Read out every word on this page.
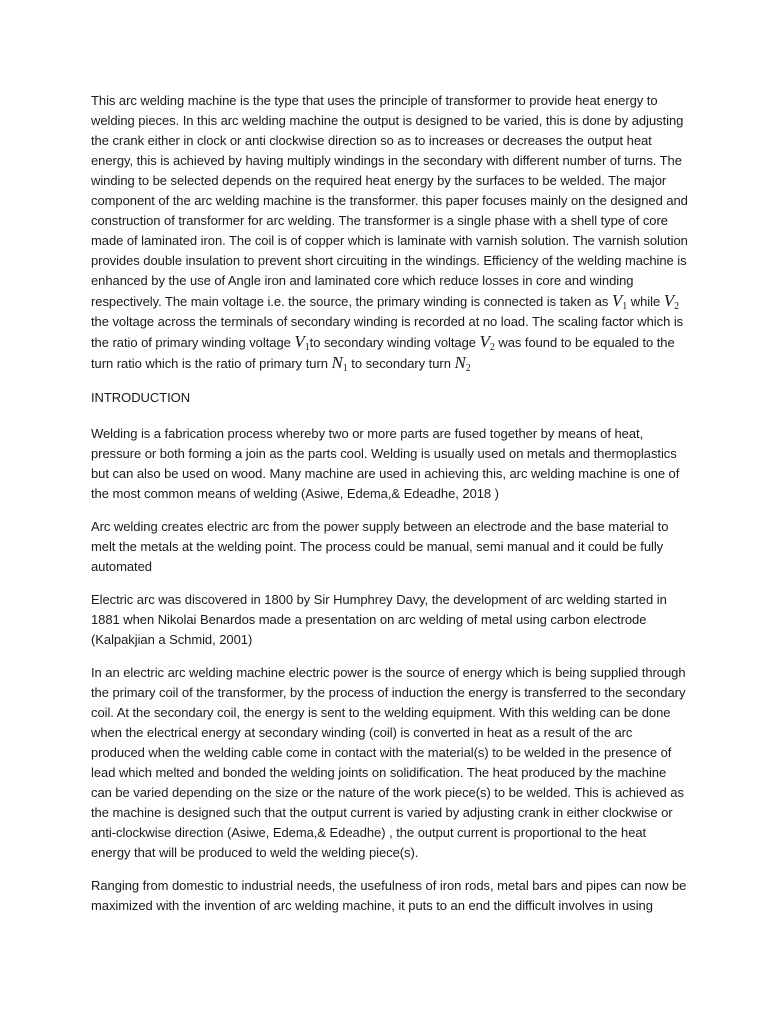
This arc welding machine is the type that uses the principle of transformer to provide heat energy to welding pieces. In this arc welding machine the output is designed to be varied, this is done by adjusting the crank either in clock or anti clockwise direction so as to increases or decreases the output heat energy, this is achieved by having multiply windings in the secondary with different number of turns. The winding to be selected depends on the required heat energy by the surfaces to be welded. The major component of the arc welding machine is the transformer. this paper focuses mainly on the designed and construction of transformer for arc welding. The transformer is a single phase with a shell type of core made of laminated iron. The coil is of copper which is laminate with varnish solution. The varnish solution provides double insulation to prevent short circuiting in the windings. Efficiency of the welding machine is enhanced by the use of Angle iron and laminated core which reduce losses in core and winding respectively. The main voltage i.e. the source, the primary winding is connected is taken as $V_1$ while $V_2$ the voltage across the terminals of secondary winding is recorded at no load. The scaling factor which is the ratio of primary winding voltage $V_1to$ secondary winding voltage $V_2$ was found to be equaled to the turn ratio which is the ratio of primary turn $N_1$ to secondary turn $N_2$

INTRODUCTION

Welding is a fabrication process whereby two or more parts are fused together by means of heat, pressure or both forming a join as the parts cool. Welding is usually used on metals and thermoplastics but can also be used on wood. Many machine are used in achieving this, arc welding machine is one of the most common means of welding (Asiwe, Edema,& Edeadhe, 2018 )

Arc welding creates electric arc from the power supply between an electrode and the base material to melt the metals at the welding point. The process could be manual, semi manual and it could be fully automated

Electric arc was discovered in 1800 by Sir Humphrey Davy, the development of arc welding started in 1881 when Nikolai Benardos made a presentation on arc welding of metal using carbon electrode (Kalpakjian a Schmid, 2001)

In an electric arc welding machine electric power is the source of energy which is being supplied through the primary coil of the transformer, by the process of induction the energy is transferred to the secondary coil. At the secondary coil, the energy is sent to the welding equipment. With this welding can be done when the electrical energy at secondary winding (coil) is converted in heat as a result of the arc produced when the welding cable come in contact with the material(s) to be welded in the presence of lead which melted and bonded the welding joints on solidification. The heat produced by the machine can be varied depending on the size or the nature of the work piece(s) to be welded. This is achieved as the machine is designed such that the output current is varied by adjusting crank in either clockwise or anti-clockwise direction (Asiwe, Edema,& Edeadhe) , the output current is proportional to the heat energy that will be produced to weld the welding piece(s).

Ranging from domestic to industrial needs, the usefulness of iron rods, metal bars and pipes can now be maximized with the invention of arc welding machine, it puts to an end the difficult involves in using
